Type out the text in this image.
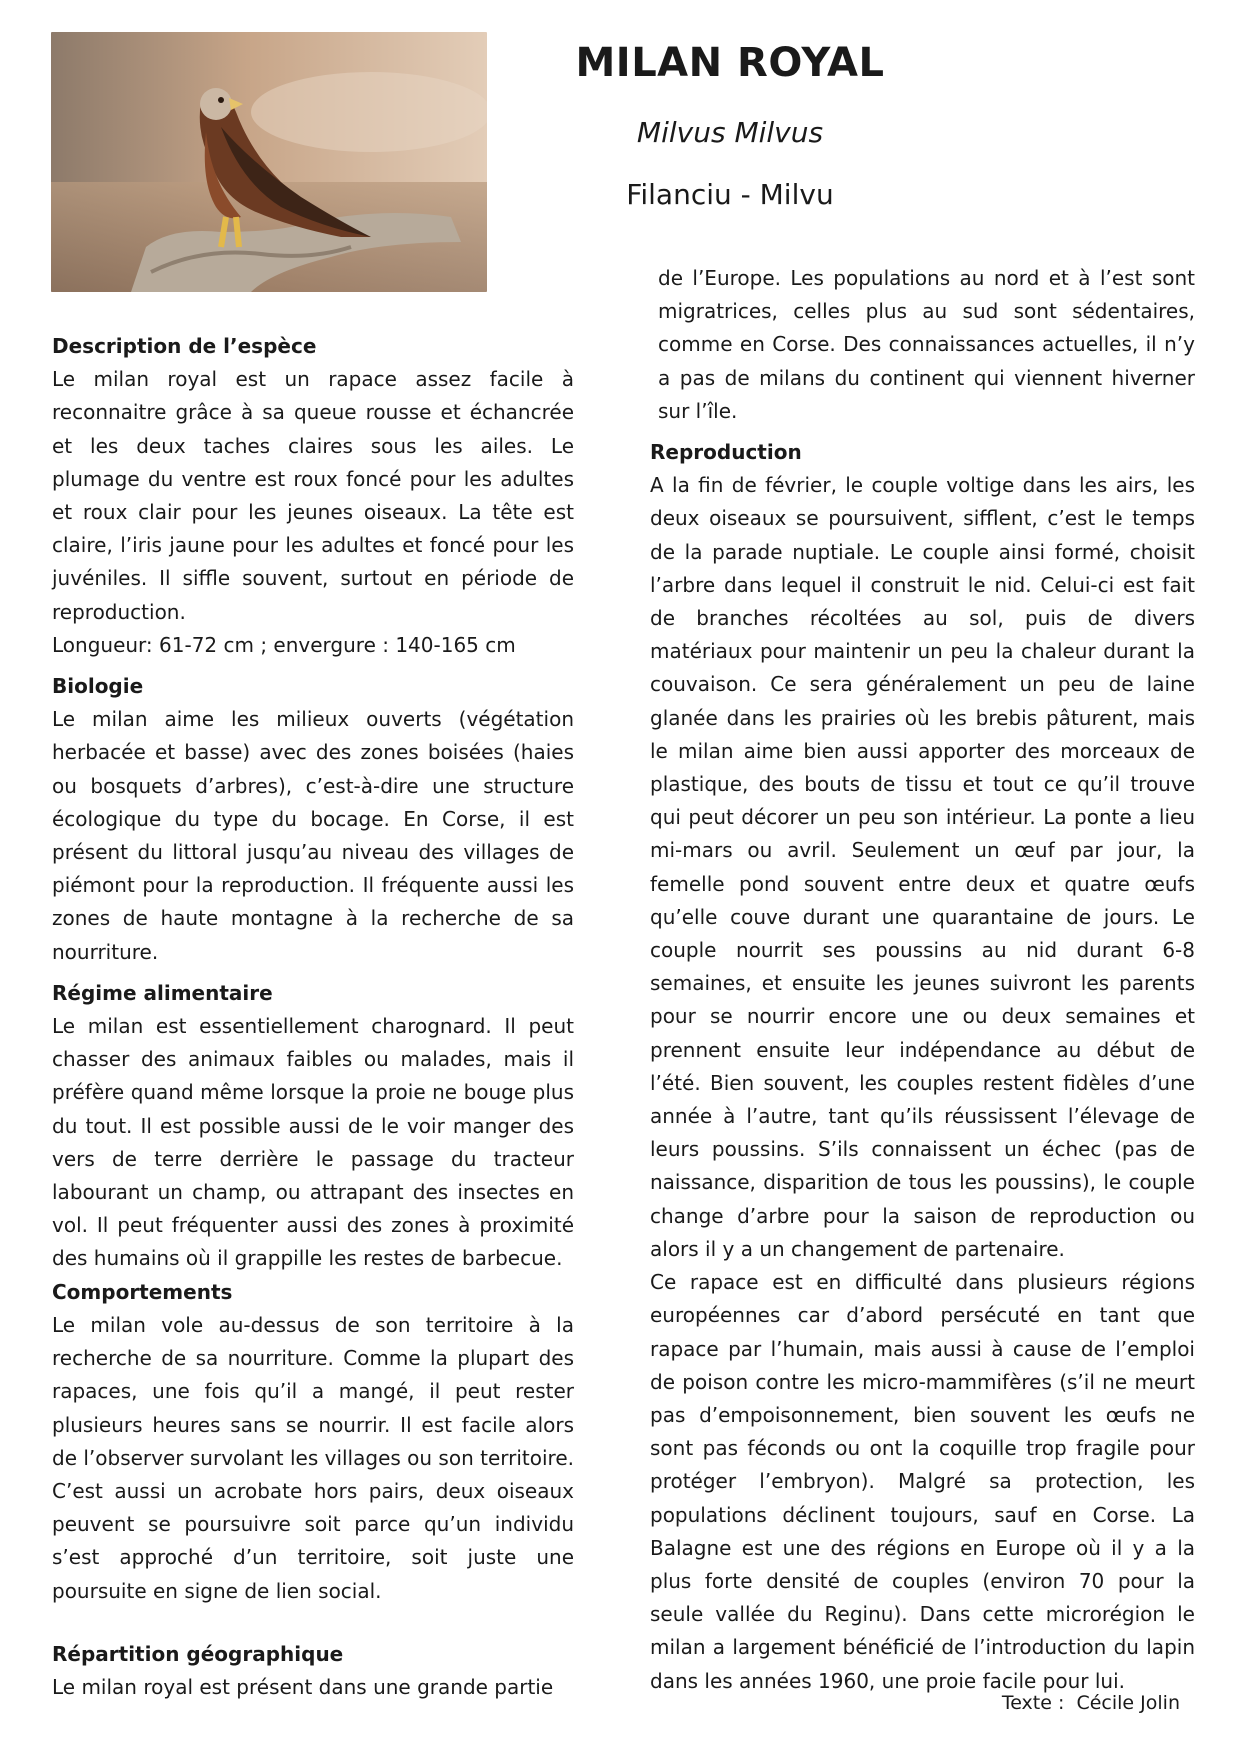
MILAN ROYAL
Milvus Milvus
Filanciu - Milvu

Description de l’espèce

Le milan royal est un rapace assez facile à reconnaitre grâce à sa queue rousse et échancrée et les deux taches claires sous les ailes. Le plumage du ventre est roux foncé pour les adultes et roux clair pour les jeunes oiseaux. La tête est claire, l’iris jaune pour les adultes et foncé pour les juvéniles. Il siffle souvent, surtout en période de reproduction.

Longueur: 61-72 cm ; envergure : 140-165 cm

Biologie

Le milan aime les milieux ouverts (végétation herbacée et basse) avec des zones boisées (haies ou bosquets d’arbres), c’est-à-dire une structure écologique du type du bocage. En Corse, il est présent du littoral jusqu’au niveau des villages de piémont pour la reproduction. Il fréquente aussi les zones de haute montagne à la recherche de sa nourriture.

Régime alimentaire

Le milan est essentiellement charognard. Il peut chasser des animaux faibles ou malades, mais il préfère quand même lorsque la proie ne bouge plus du tout. Il est possible aussi de le voir manger des vers de terre derrière le passage du tracteur labourant un champ, ou attrapant des insectes en vol. Il peut fréquenter aussi des zones à proximité des humains où il grappille les restes de barbecue.

Comportements

Le milan vole au-dessus de son territoire à la recherche de sa nourriture. Comme la plupart des rapaces, une fois qu’il a mangé, il peut rester plusieurs heures sans se nourrir. Il est facile alors de l’observer survolant les villages ou son territoire. C’est aussi un acrobate hors pairs, deux oiseaux peuvent se poursuivre soit parce qu’un individu s’est approché d’un territoire, soit juste une poursuite en signe de lien social.

Répartition géographique

Le milan royal est présent dans une grande partie

de l’Europe. Les populations au nord et à l’est sont migratrices, celles plus au sud sont sédentaires, comme en Corse. Des connaissances actuelles, il n’y a pas de milans du continent qui viennent hiverner sur l’île.

Reproduction

A la fin de février, le couple voltige dans les airs, les deux oiseaux se poursuivent, sifflent, c’est le temps de la parade nuptiale. Le couple ainsi formé, choisit l’arbre dans lequel il construit le nid. Celui-ci est fait de branches récoltées au sol, puis de divers matériaux pour maintenir un peu la chaleur durant la couvaison. Ce sera généralement un peu de laine glanée dans les prairies où les brebis pâturent, mais le milan aime bien aussi apporter des morceaux de plastique, des bouts de tissu et tout ce qu’il trouve qui peut décorer un peu son intérieur. La ponte a lieu mi-mars ou avril. Seulement un œuf par jour, la femelle pond souvent entre deux et quatre œufs qu’elle couve durant une quarantaine de jours. Le couple nourrit ses poussins au nid durant 6-8 semaines, et ensuite les jeunes suivront les parents pour se nourrir encore une ou deux semaines et prennent ensuite leur indépendance au début de l’été. Bien souvent, les couples restent fidèles d’une année à l’autre, tant qu’ils réussissent l’élevage de leurs poussins. S’ils connaissent un échec (pas de naissance, disparition de tous les poussins), le couple change d’arbre pour la saison de reproduction ou alors il y a un changement de partenaire.

Ce rapace est en difficulté dans plusieurs régions européennes car d’abord persécuté en tant que rapace par l’humain, mais aussi à cause de l’emploi de poison contre les micro-mammifères (s’il ne meurt pas d’empoisonnement, bien souvent les œufs ne sont pas féconds ou ont la coquille trop fragile pour protéger l’embryon). Malgré sa protection, les populations déclinent toujours, sauf en Corse. La Balagne est une des régions en Europe où il y a la plus forte densité de couples (environ 70 pour la seule vallée du Reginu). Dans cette microrégion le milan a largement bénéficié de l’introduction du lapin dans les années 1960, une proie facile pour lui.

Texte : Cécile Jolin
